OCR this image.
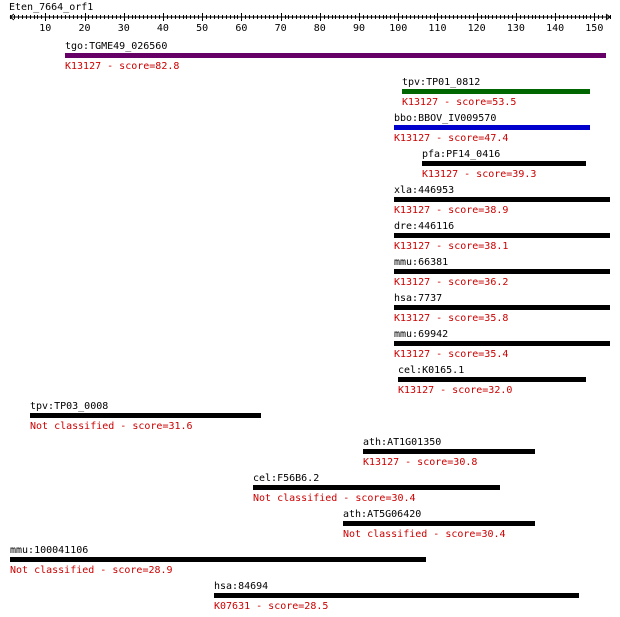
Eten_7664_orf1
10	20	30	40	50	60	70	80	90 100 110 120 130 140 150
tgo:TGME49_026560
K13127 - score=82.8
tpv:TP01_0812
K13127 - score=53.5
bbo:BBOV_IV009570
K13127 - score=47.4
pfa:PF14_0416
K13127 - score=39.3
xla:446953
K13127 - score=38.9
dre:446116
K13127 - score=38.1
mmu:66381
K13127 - score=36.2
hsa:7737
K13127 - score=35.8
mmu:69942
K13127 - score=35.4
cel:K0165.1
K13127 - score=32.0
tpv:TP03_0008
Not classified - score=31.6
ath:AT1G01350
K13127 - score=30.8
cel:F56B6.2
Not classified - score=30.4
ath:AT5G06420
Not classified - score=30.4
mmu:100041106
Not classified - score=28.9
hsa:84694
K07631 - score=28.5
